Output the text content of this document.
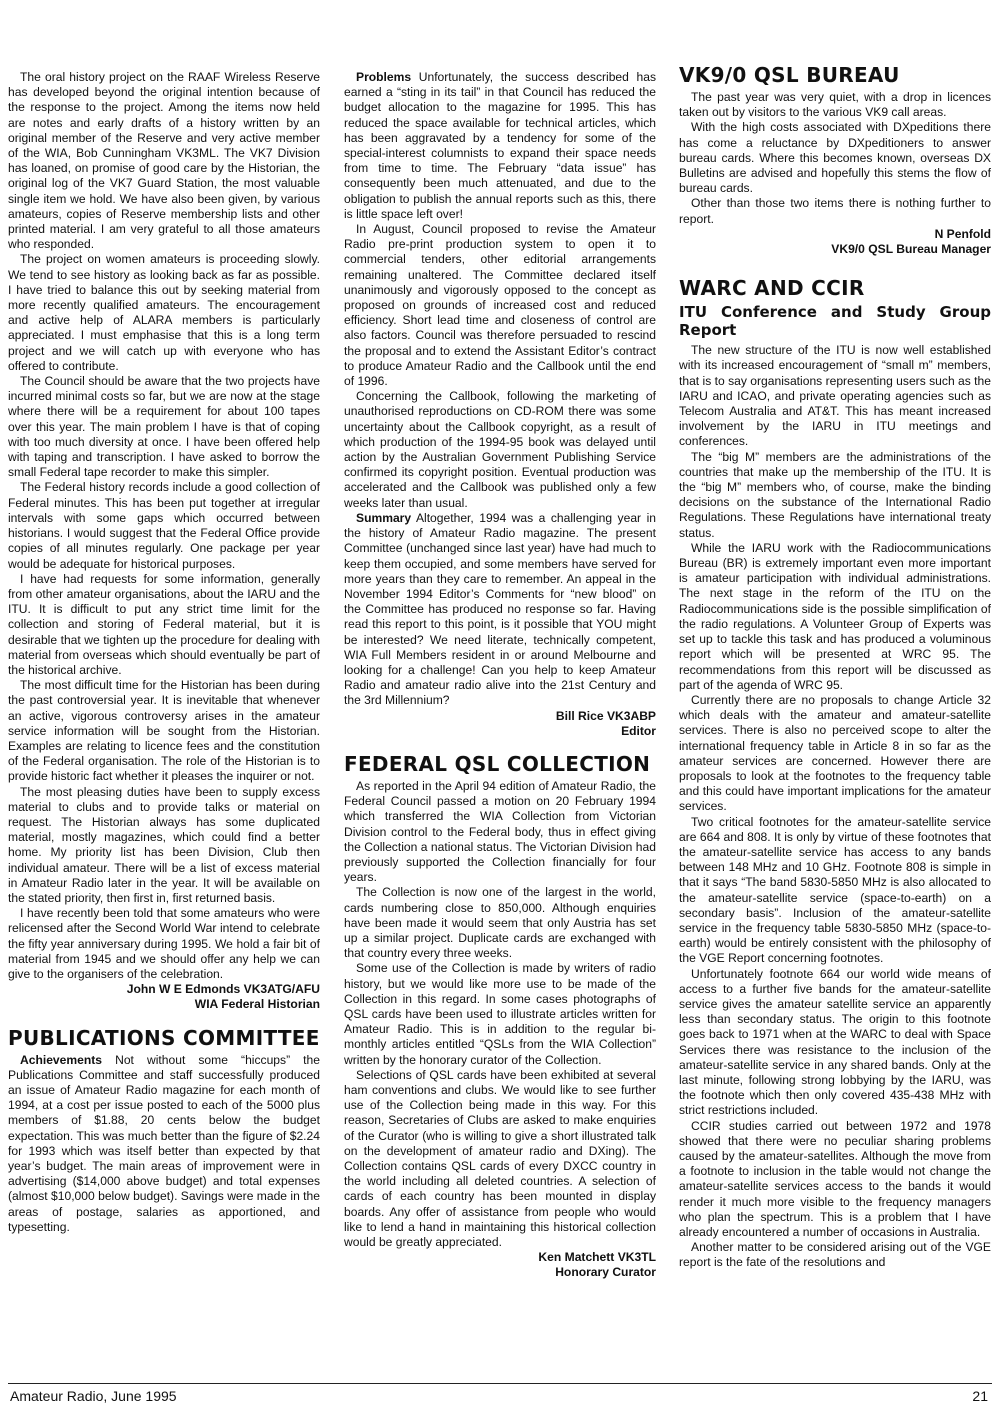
The oral history project on the RAAF Wireless Reserve has developed beyond the original intention because of the response to the project. Among the items now held are notes and early drafts of a history written by an original member of the Reserve and very active member of the WIA, Bob Cunningham VK3ML. The VK7 Division has loaned, on promise of good care by the Historian, the original log of the VK7 Guard Station, the most valuable single item we hold. We have also been given, by various amateurs, copies of Reserve membership lists and other printed material. I am very grateful to all those amateurs who responded.

The project on women amateurs is proceeding slowly. We tend to see history as looking back as far as possible. I have tried to balance this out by seeking material from more recently qualified amateurs. The encouragement and active help of ALARA members is particularly appreciated. I must emphasise that this is a long term project and we will catch up with everyone who has offered to contribute.

The Council should be aware that the two projects have incurred minimal costs so far, but we are now at the stage where there will be a requirement for about 100 tapes over this year. The main problem I have is that of coping with too much diversity at once. I have been offered help with taping and transcription. I have asked to borrow the small Federal tape recorder to make this simpler.

The Federal history records include a good collection of Federal minutes. This has been put together at irregular intervals with some gaps which occurred between historians. I would suggest that the Federal Office provide copies of all minutes regularly. One package per year would be adequate for historical purposes.

I have had requests for some information, generally from other amateur organisations, about the IARU and the ITU. It is difficult to put any strict time limit for the collection and storing of Federal material, but it is desirable that we tighten up the procedure for dealing with material from overseas which should eventually be part of the historical archive.

The most difficult time for the Historian has been during the past controversial year. It is inevitable that whenever an active, vigorous controversy arises in the amateur service information will be sought from the Historian. Examples are relating to licence fees and the constitution of the Federal organisation. The role of the Historian is to provide historic fact whether it pleases the inquirer or not.

The most pleasing duties have been to supply excess material to clubs and to provide talks or material on request. The Historian always has some duplicated material, mostly magazines, which could find a better home. My priority list has been Division, Club then individual amateur. There will be a list of excess material in Amateur Radio later in the year. It will be available on the stated priority, then first in, first returned basis.

I have recently been told that some amateurs who were relicensed after the Second World War intend to celebrate the fifty year anniversary during 1995. We hold a fair bit of material from 1945 and we should offer any help we can give to the organisers of the celebration.

John W E Edmonds VK3ATG/AFU

WIA Federal Historian

PUBLICATIONS COMMITTEE

Achievements Not without some “hiccups” the Publications Committee and staff successfully produced an issue of Amateur Radio magazine for each month of 1994, at a cost per issue posted to each of the 5000 plus members of $1.88, 20 cents below the budget expectation. This was much better than the figure of $2.24 for 1993 which was itself better than expected by that year’s budget. The main areas of improvement were in advertising ($14,000 above budget) and total expenses (almost $10,000 below budget). Savings were made in the areas of postage, salaries as apportioned, and typesetting.

Problems Unfortunately, the success described has earned a “sting in its tail” in that Council has reduced the budget allocation to the magazine for 1995. This has reduced the space available for technical articles, which has been aggravated by a tendency for some of the special-interest columnists to expand their space needs from time to time. The February “data issue” has consequently been much attenuated, and due to the obligation to publish the annual reports such as this, there is little space left over!

In August, Council proposed to revise the Amateur Radio pre-print production system to open it to commercial tenders, other editorial arrangements remaining unaltered. The Committee declared itself unanimously and vigorously opposed to the concept as proposed on grounds of increased cost and reduced efficiency. Short lead time and closeness of control are also factors. Council was therefore persuaded to rescind the proposal and to extend the Assistant Editor’s contract to produce Amateur Radio and the Callbook until the end of 1996.

Concerning the Callbook, following the marketing of unauthorised reproductions on CD-ROM there was some uncertainty about the Callbook copyright, as a result of which production of the 1994-95 book was delayed until action by the Australian Government Publishing Service confirmed its copyright position. Eventual production was accelerated and the Callbook was published only a few weeks later than usual.

Summary Altogether, 1994 was a challenging year in the history of Amateur Radio magazine. The present Committee (unchanged since last year) have had much to keep them occupied, and some members have served for more years than they care to remember. An appeal in the November 1994 Editor’s Comments for “new blood” on the Committee has produced no response so far. Having read this report to this point, is it possible that YOU might be interested? We need literate, technically competent, WIA Full Members resident in or around Melbourne and looking for a challenge! Can you help to keep Amateur Radio and amateur radio alive into the 21st Century and the 3rd Millennium?

Bill Rice VK3ABP

Editor

FEDERAL QSL COLLECTION

As reported in the April 94 edition of Amateur Radio, the Federal Council passed a motion on 20 February 1994 which transferred the WIA Collection from Victorian Division control to the Federal body, thus in effect giving the Collection a national status. The Victorian Division had previously supported the Collection financially for four years.

The Collection is now one of the largest in the world, cards numbering close to 850,000. Although enquiries have been made it would seem that only Austria has set up a similar project. Duplicate cards are exchanged with that country every three weeks.

Some use of the Collection is made by writers of radio history, but we would like more use to be made of the Collection in this regard. In some cases photographs of QSL cards have been used to illustrate articles written for Amateur Radio. This is in addition to the regular bi-monthly articles entitled “QSLs from the WIA Collection” written by the honorary curator of the Collection.

Selections of QSL cards have been exhibited at several ham conventions and clubs. We would like to see further use of the Collection being made in this way. For this reason, Secretaries of Clubs are asked to make enquiries of the Curator (who is willing to give a short illustrated talk on the development of amateur radio and DXing). The Collection contains QSL cards of every DXCC country in the world including all deleted countries. A selection of cards of each country has been mounted in display boards. Any offer of assistance from people who would like to lend a hand in maintaining this historical collection would be greatly appreciated.

Ken Matchett VK3TL

Honorary Curator

VK9/0 QSL BUREAU

The past year was very quiet, with a drop in licences taken out by visitors to the various VK9 call areas.

With the high costs associated with DXpeditions there has come a reluctance by DXpeditioners to answer bureau cards. Where this becomes known, overseas DX Bulletins are advised and hopefully this stems the flow of bureau cards.

Other than those two items there is nothing further to report.

N Penfold

VK9/0 QSL Bureau Manager

WARC AND CCIR
ITU Conference and Study Group Report

The new structure of the ITU is now well established with its increased encouragement of “small m” members, that is to say organisations representing users such as the IARU and ICAO, and private operating agencies such as Telecom Australia and AT&T. This has meant increased involvement by the IARU in ITU meetings and conferences.

The “big M” members are the administrations of the countries that make up the membership of the ITU. It is the “big M” members who, of course, make the binding decisions on the substance of the International Radio Regulations. These Regulations have international treaty status.

While the IARU work with the Radiocommunications Bureau (BR) is extremely important even more important is amateur participation with individual administrations. The next stage in the reform of the ITU on the Radiocommunications side is the possible simplification of the radio regulations. A Volunteer Group of Experts was set up to tackle this task and has produced a voluminous report which will be presented at WRC 95. The recommendations from this report will be discussed as part of the agenda of WRC 95.

Currently there are no proposals to change Article 32 which deals with the amateur and amateur-satellite services. There is also no perceived scope to alter the international frequency table in Article 8 in so far as the amateur services are concerned. However there are proposals to look at the footnotes to the frequency table and this could have important implications for the amateur services.

Two critical footnotes for the amateur-satellite service are 664 and 808. It is only by virtue of these footnotes that the amateur-satellite service has access to any bands between 148 MHz and 10 GHz. Footnote 808 is simple in that it says “The band 5830-5850 MHz is also allocated to the amateur-satellite service (space-to-earth) on a secondary basis”. Inclusion of the amateur-satellite service in the frequency table 5830-5850 MHz (space-to-earth) would be entirely consistent with the philosophy of the VGE Report concerning footnotes.

Unfortunately footnote 664 our world wide means of access to a further five bands for the amateur-satellite service gives the amateur satellite service an apparently less than secondary status. The origin to this footnote goes back to 1971 when at the WARC to deal with Space Services there was resistance to the inclusion of the amateur-satellite service in any shared bands. Only at the last minute, following strong lobbying by the IARU, was the footnote which then only covered 435-438 MHz with strict restrictions included.

CCIR studies carried out between 1972 and 1978 showed that there were no peculiar sharing problems caused by the amateur-satellites. Although the move from a footnote to inclusion in the table would not change the amateur-satellite services access to the bands it would render it much more visible to the frequency managers who plan the spectrum. This is a problem that I have already encountered a number of occasions in Australia.

Another matter to be considered arising out of the VGE report is the fate of the resolutions and

Amateur Radio, June 1995	21
